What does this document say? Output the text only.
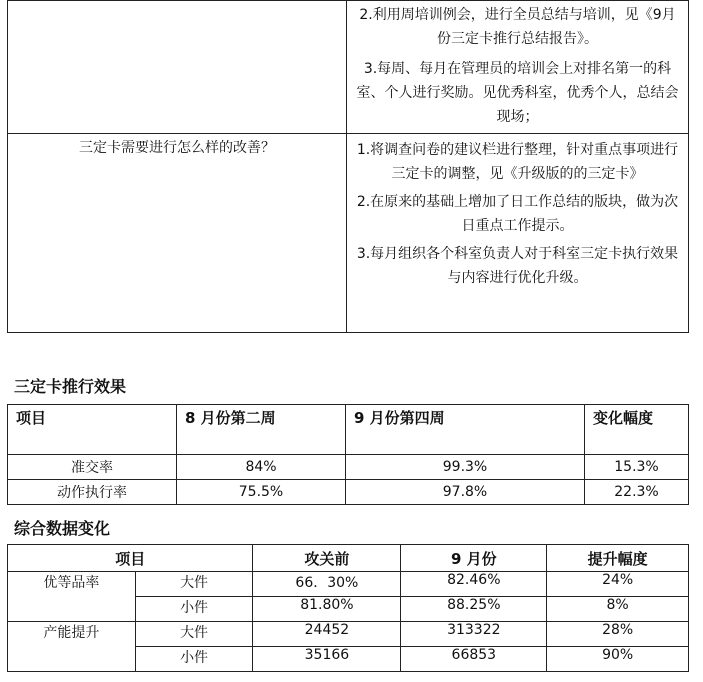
	2.利用周培训例会，进行全员总结与培训，见《9月份三定卡推行总结报告》。

3.每周、每月在管理员的培训会上对排名第一的科室、个人进行奖励。见优秀科室，优秀个人，总结会现场；

三定卡需要进行怎么样的改善？	1.将调查问卷的建议栏进行整理，针对重点事项进行三定卡的调整，见《升级版的的三定卡》

2.在原来的基础上增加了日工作总结的版块，做为次日重点工作提示。

3.每月组织各个科室负责人对于科室三定卡执行效果与内容进行优化升级。

三定卡推行效果
项目	8 月份第二周	9 月份第四周	变化幅度
准交率	84%	99.3%	15.3%
动作执行率	75.5%	97.8%	22.3%
综合数据变化
项目		攻关前	9 月份	提升幅度
优等品率	大件	66．30%	82.46%	24%
	小件	81.80%	88.25%	8%
产能提升	大件	24452	313322	28%
	小件	35166	66853	90%
